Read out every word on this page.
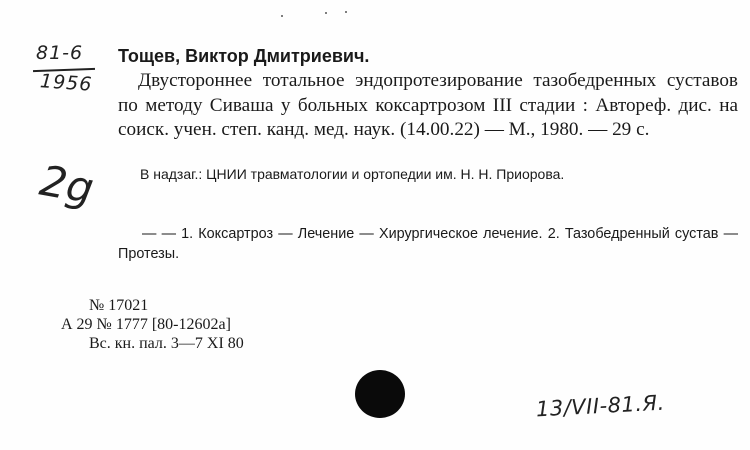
81-6
1956
2g
Тощев, Виктор Дмитриевич.

Двустороннее тотальное эндопротезирование тазобедренных суставов по методу Сиваша у больных коксартрозом III стадии : Автореф. дис. на соиск. учен. степ. канд. мед. наук. (14.00.22) — М., 1980. — 29 с.

В надзаг.: ЦНИИ травматологии и ортопедии им. Н. Н. Приорова.

— — 1. Коксартроз — Лечение — Хирургическое лечение. 2. Тазобедренный сустав — Протезы.

№ 17021
А 29 № 1777 [80-12602а]
Вс. кн. пал. 3—7 XI 80
13/VII-81.Я.
